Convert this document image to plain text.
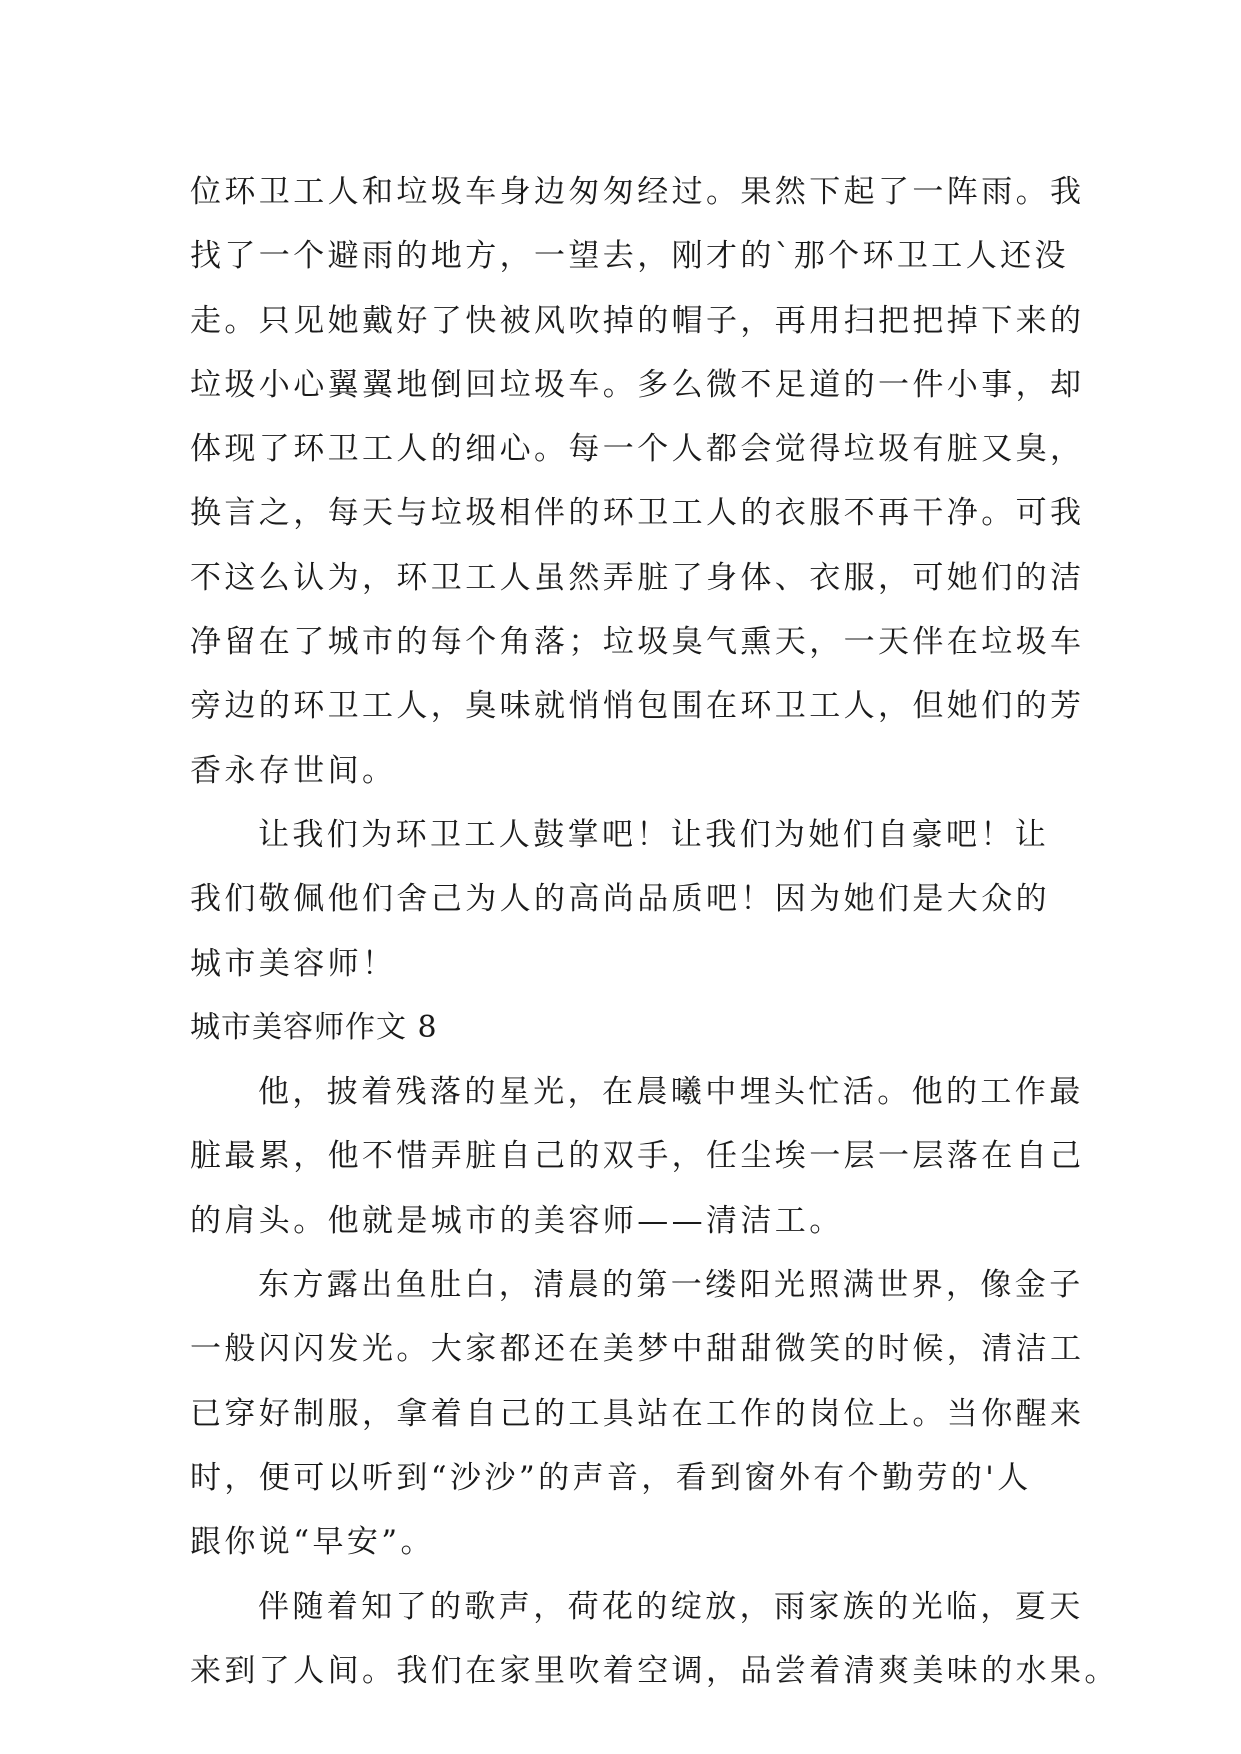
位环卫工人和垃圾车身边匆匆经过。果然下起了一阵雨。我
找了一个避雨的地方，一望去，刚才的`那个环卫工人还没
走。只见她戴好了快被风吹掉的帽子，再用扫把把掉下来的
垃圾小心翼翼地倒回垃圾车。多么微不足道的一件小事，却
体现了环卫工人的细心。每一个人都会觉得垃圾有脏又臭，
换言之，每天与垃圾相伴的环卫工人的衣服不再干净。可我
不这么认为，环卫工人虽然弄脏了身体、衣服，可她们的洁
净留在了城市的每个角落；垃圾臭气熏天，一天伴在垃圾车
旁边的环卫工人，臭味就悄悄包围在环卫工人，但她们的芳
香永存世间。
让我们为环卫工人鼓掌吧！让我们为她们自豪吧！让
我们敬佩他们舍己为人的高尚品质吧！因为她们是大众的
城市美容师！
城市美容师作文 8
他，披着残落的星光，在晨曦中埋头忙活。他的工作最
脏最累，他不惜弄脏自己的双手，任尘埃一层一层落在自己
的肩头。他就是城市的美容师——清洁工。
东方露出鱼肚白，清晨的第一缕阳光照满世界，像金子
一般闪闪发光。大家都还在美梦中甜甜微笑的时候，清洁工
已穿好制服，拿着自己的工具站在工作的岗位上。当你醒来
时，便可以听到“沙沙”的声音，看到窗外有个勤劳的'人
跟你说“早安”。
伴随着知了的歌声，荷花的绽放，雨家族的光临，夏天
来到了人间。我们在家里吹着空调，品尝着清爽美味的水果。
